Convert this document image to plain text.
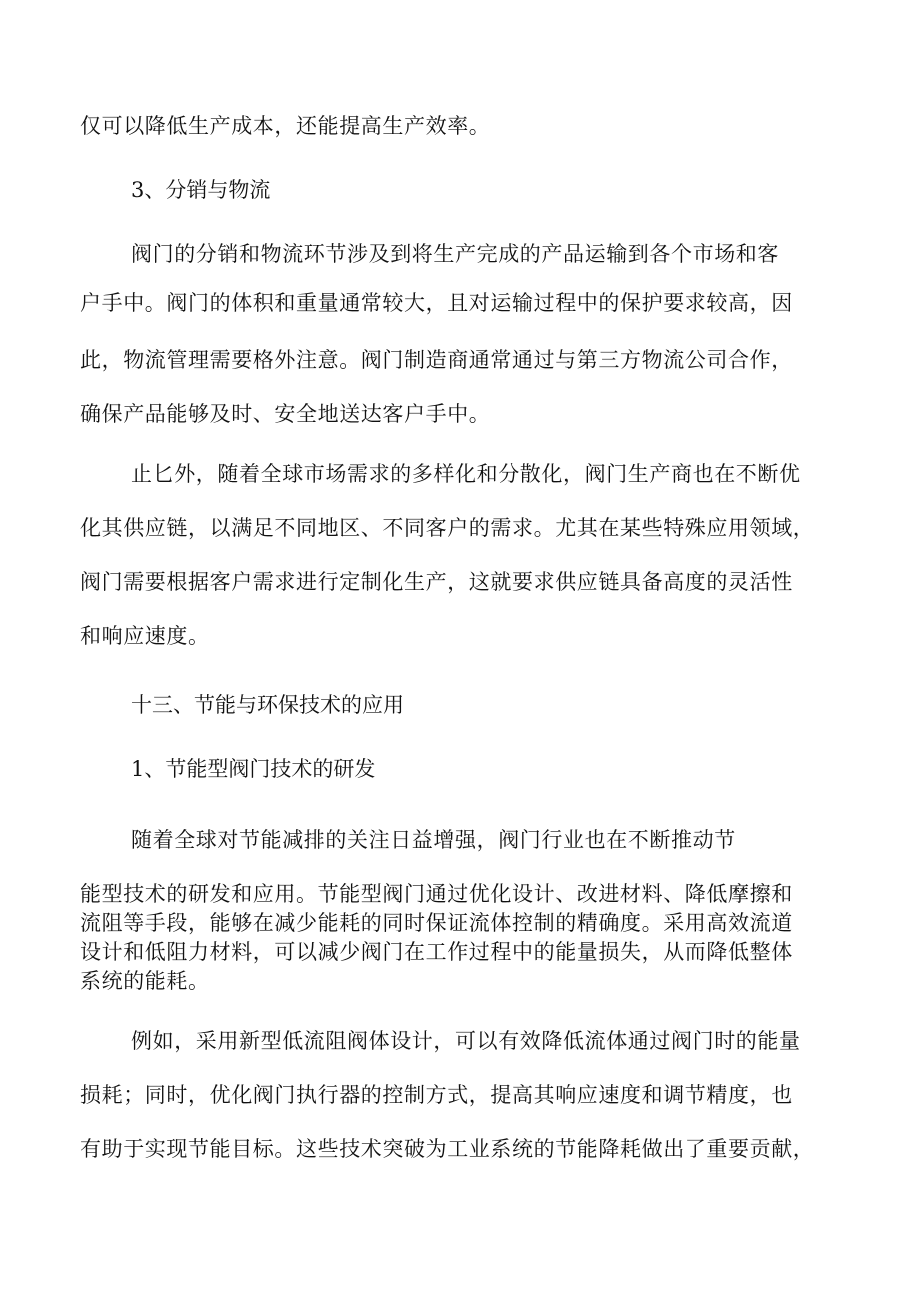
仅可以降低生产成本，还能提高生产效率。
3、分销与物流
阀门的分销和物流环节涉及到将生产完成的产品运输到各个市场和客
户手中。阀门的体积和重量通常较大，且对运输过程中的保护要求较高，因
此，物流管理需要格外注意。阀门制造商通常通过与第三方物流公司合作，
确保产品能够及时、安全地送达客户手中。
止匕外，随着全球市场需求的多样化和分散化，阀门生产商也在不断优
化其供应链，以满足不同地区、不同客户的需求。尤其在某些特殊应用领域，
阀门需要根据客户需求进行定制化生产，这就要求供应链具备高度的灵活性
和响应速度。
十三、节能与环保技术的应用
1、节能型阀门技术的研发
随着全球对节能减排的关注日益增强，阀门行业也在不断推动节
能型技术的研发和应用。节能型阀门通过优化设计、改进材料、降低摩擦和
流阻等手段，能够在减少能耗的同时保证流体控制的精确度。采用高效流道
设计和低阻力材料，可以减少阀门在工作过程中的能量损失，从而降低整体
系统的能耗。
例如，采用新型低流阻阀体设计，可以有效降低流体通过阀门时的能量
损耗；同时，优化阀门执行器的控制方式，提高其响应速度和调节精度，也
有助于实现节能目标。这些技术突破为工业系统的节能降耗做出了重要贡献，
